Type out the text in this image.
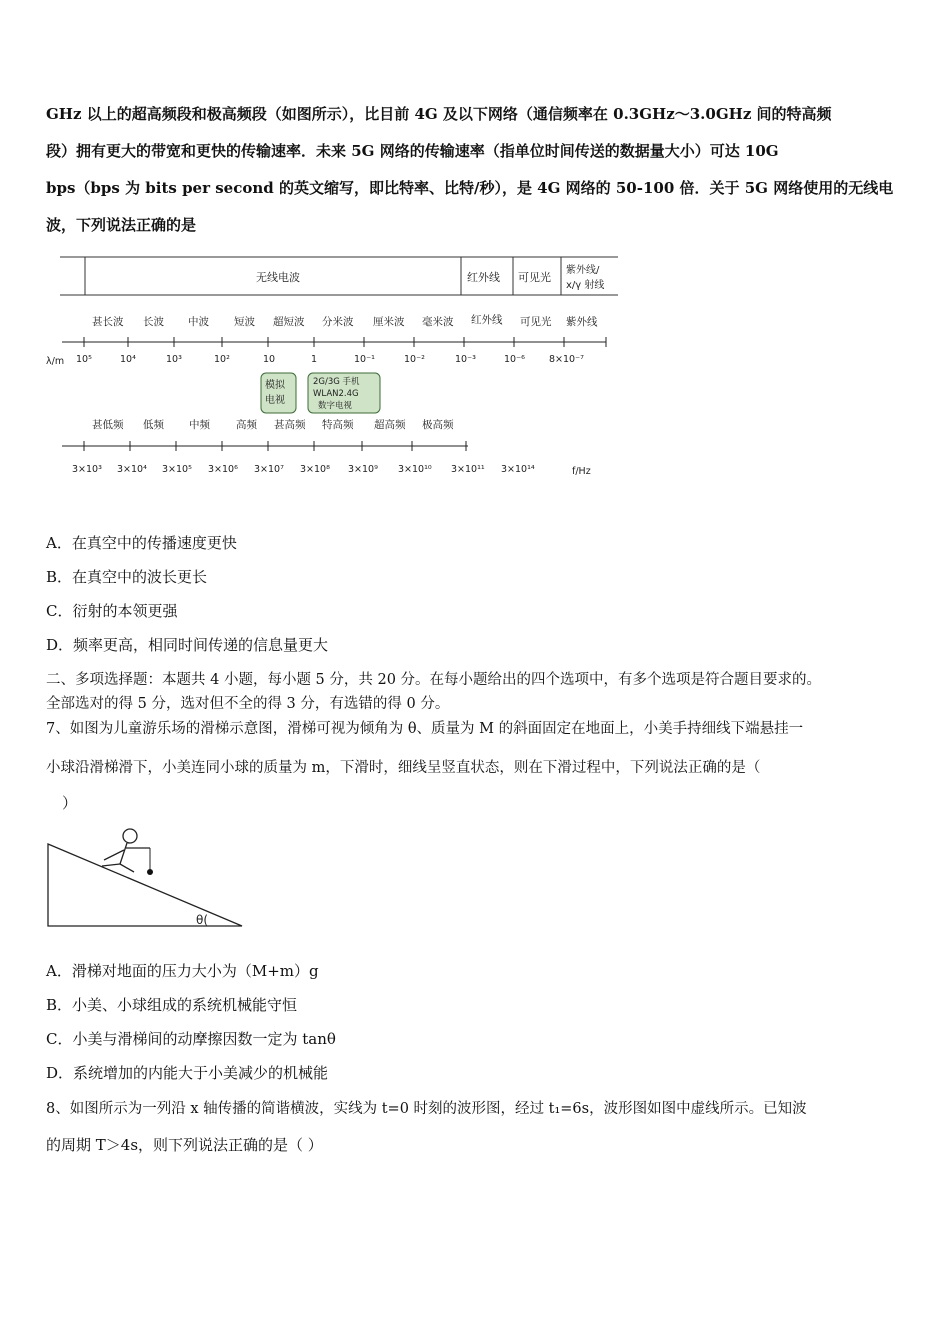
GHz 以上的超高频段和极高频段（如图所示），比目前 4G 及以下网络（通信频率在 0.3GHz～3.0GHz 间的特高频
段）拥有更大的带宽和更快的传输速率．未来 5G 网络的传输速率（指单位时间传送的数据量大小）可达 10G
bps（bps 为 bits per second 的英文缩写，即比特率、比特/秒），是 4G 网络的 50-100 倍．关于 5G 网络使用的无线电
波，下列说法正确的是
无线电波	红外线 可见光
紫外线/
x/γ 射线
甚长波 长波 中波 短波 超短波 分米波 厘米波 毫米波 红外线 可见光 紫外线
λ/m 10⁵	10⁴	10³	10²	10	1	10⁻¹	10⁻²	10⁻³	10⁻⁶	8×10⁻⁷
模拟
电视
2G/3G 手机
WLAN2.4G
数字电视
甚低频 低频 中频 高频 甚高频 特高频 超高频 极高频
3×10³ 3×10⁴ 3×10⁵ 3×10⁶ 3×10⁷ 3×10⁸ 3×10⁹ 3×10¹⁰ 3×10¹¹ 3×10¹⁴	f/Hz
A．在真空中的传播速度更快
B．在真空中的波长更长
C．衍射的本领更强
D．频率更高，相同时间传递的信息量更大
二、多项选择题：本题共 4 小题，每小题 5 分，共 20 分。在每小题给出的四个选项中，有多个选项是符合题目要求的。
全部选对的得 5 分，选对但不全的得 3 分，有选错的得 0 分。
7、如图为儿童游乐场的滑梯示意图，滑梯可视为倾角为 θ、质量为 M 的斜面固定在地面上，小美手持细线下端悬挂一
小球沿滑梯滑下，小美连同小球的质量为 m，下滑时，细线呈竖直状态，则在下滑过程中，下列说法正确的是（
）
θ(
A．滑梯对地面的压力大小为（M+m）g
B．小美、小球组成的系统机械能守恒
C．小美与滑梯间的动摩擦因数一定为 tanθ
D．系统增加的内能大于小美减少的机械能
8、如图所示为一列沿 x 轴传播的简谐横波，实线为 t=0 时刻的波形图，经过 t₁=6s，波形图如图中虚线所示。已知波
的周期 T＞4s，则下列说法正确的是（ ）
